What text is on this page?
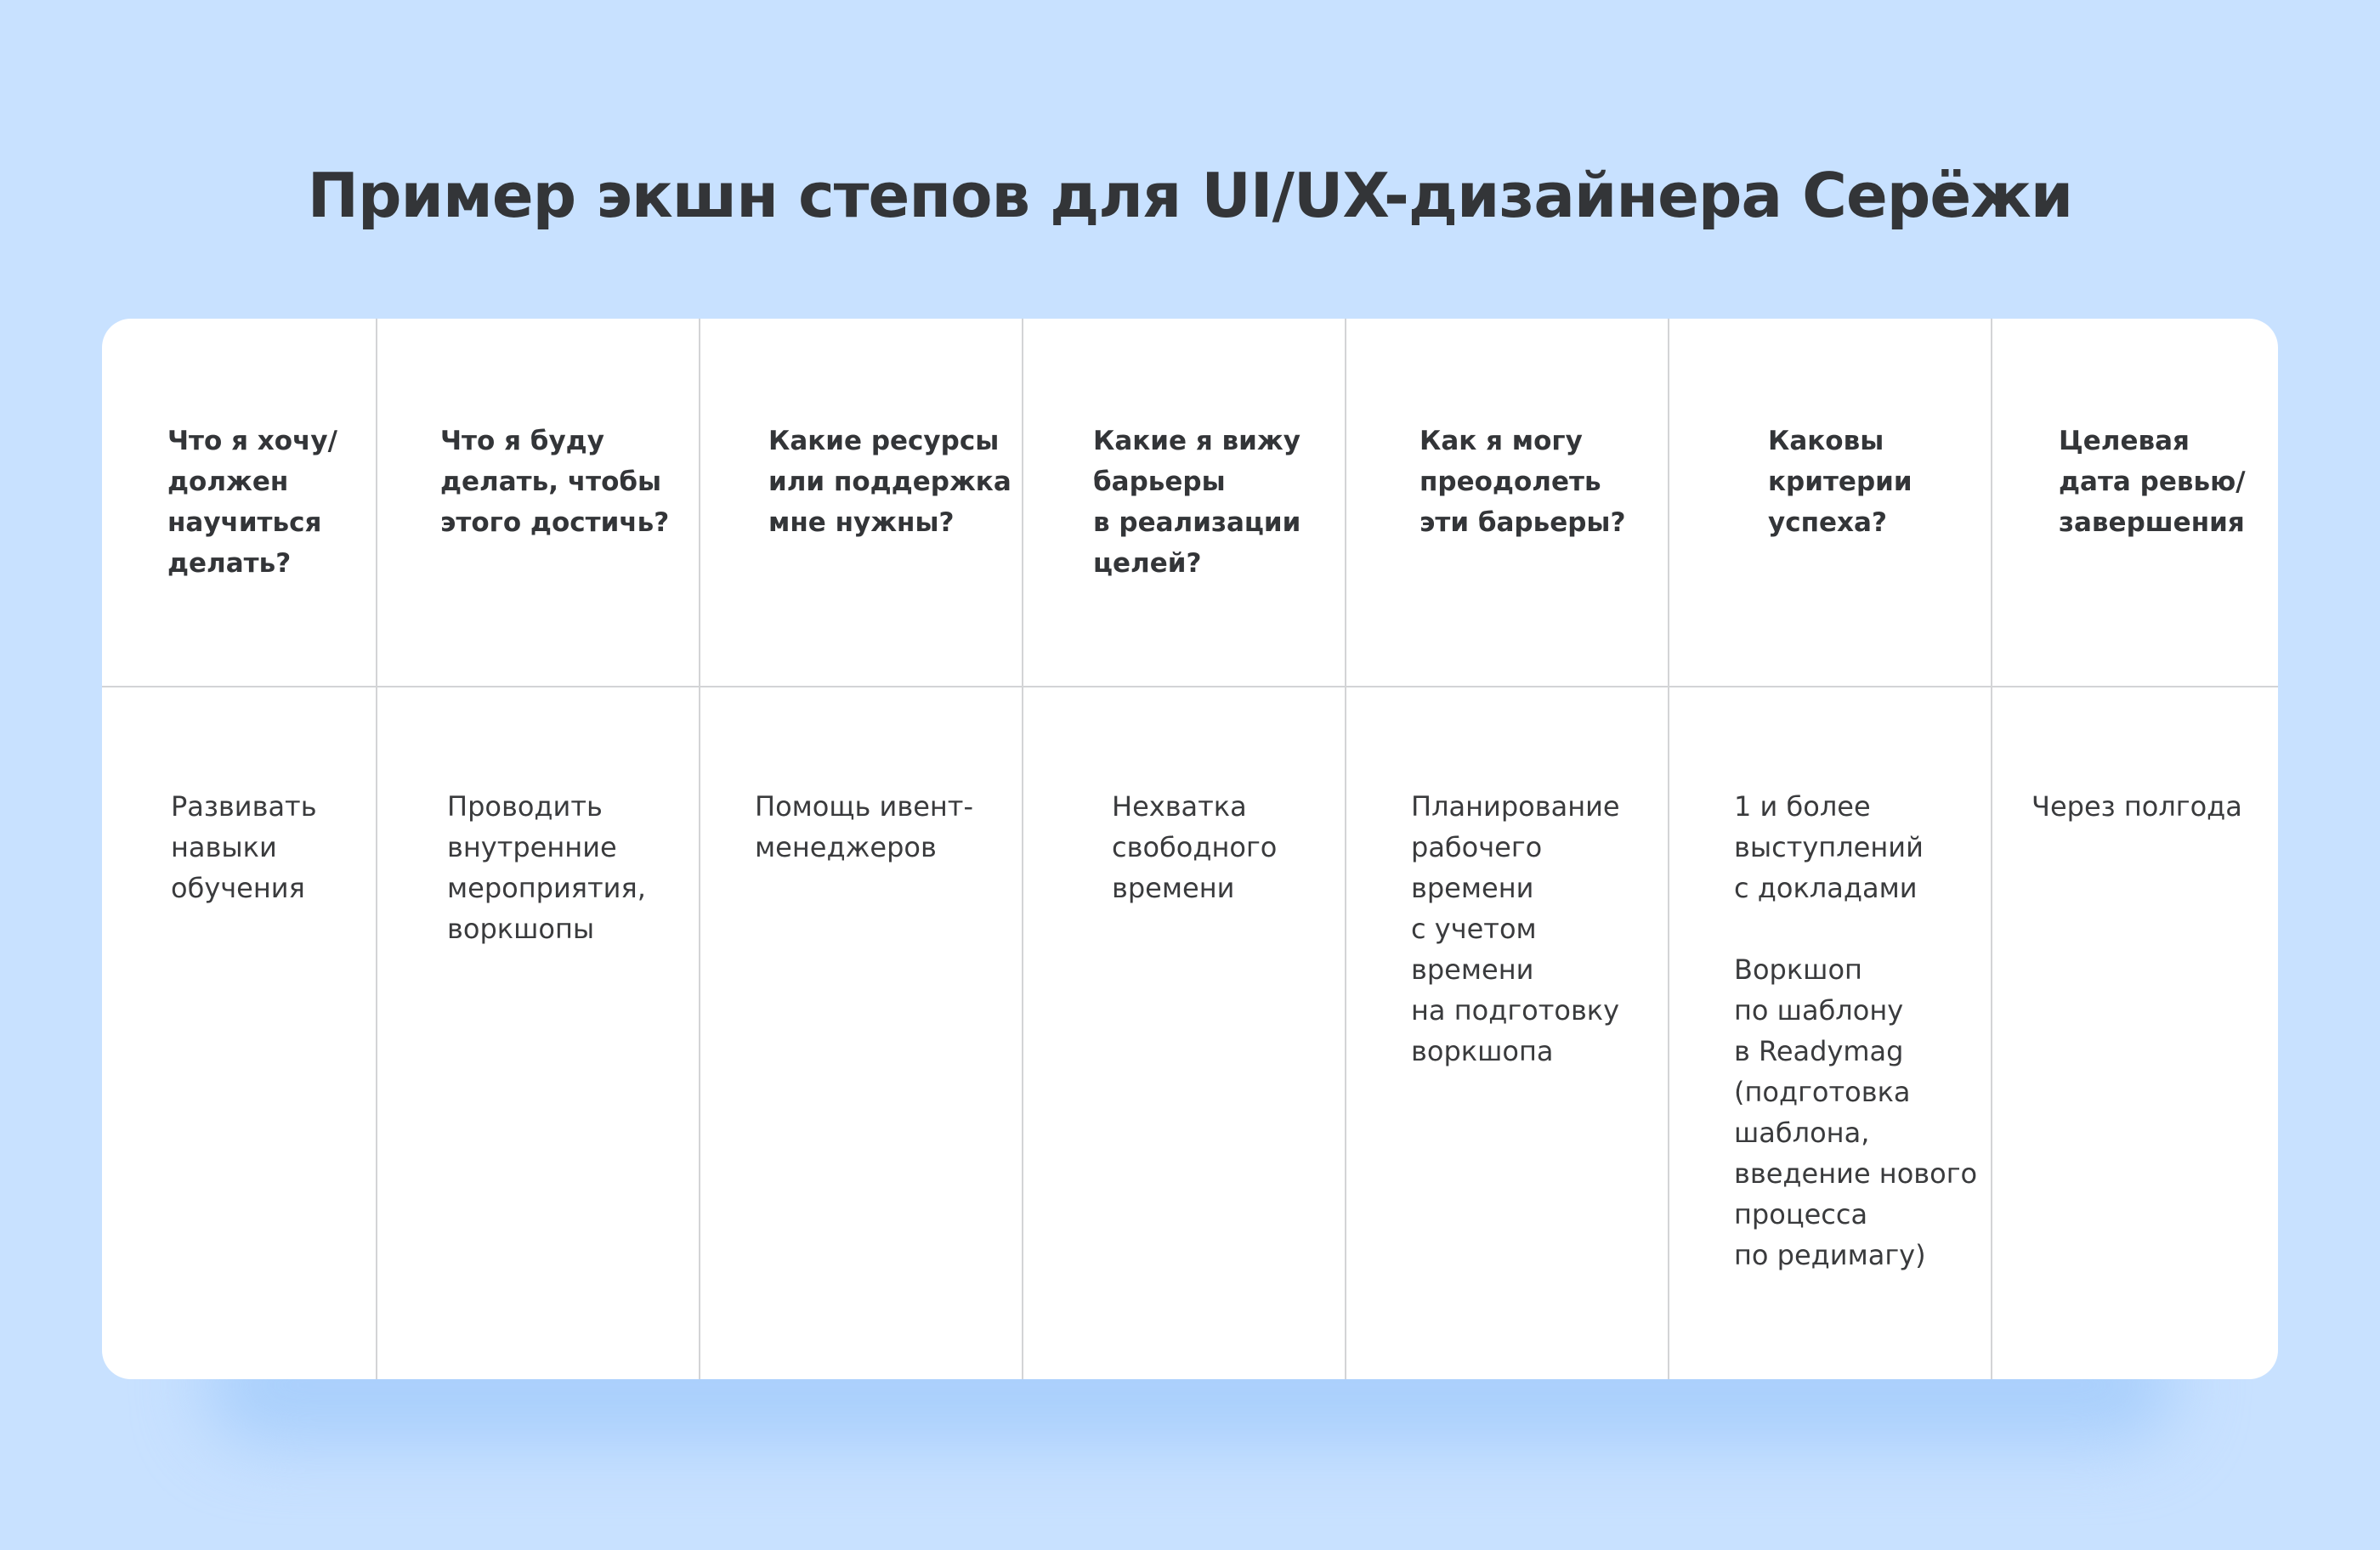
Пример экшн степов для UI/UX-дизайнера Серёжи
Что я хочу/
должен
научиться
делать?
Что я буду
делать, чтобы
этого достичь?
Какие ресурсы
или поддержка
мне нужны?
Какие я вижу
барьеры
в реализации
целей?
Как я могу
преодолеть
эти барьеры?
Каковы
критерии
успеха?
Целевая
дата ревью/
завершения
Развивать
навыки
обучения
Проводить
внутренние
мероприятия,
воркшопы
Помощь ивент-
менеджеров
Нехватка
свободного
времени
Планирование
рабочего
времени
с учетом
времени
на подготовку
воркшопа
1 и более
выступлений
с докладами

Воркшоп
по шаблону
в Readymag
(подготовка
шаблона,
введение нового
процесса
по редимагу)
Через полгода
